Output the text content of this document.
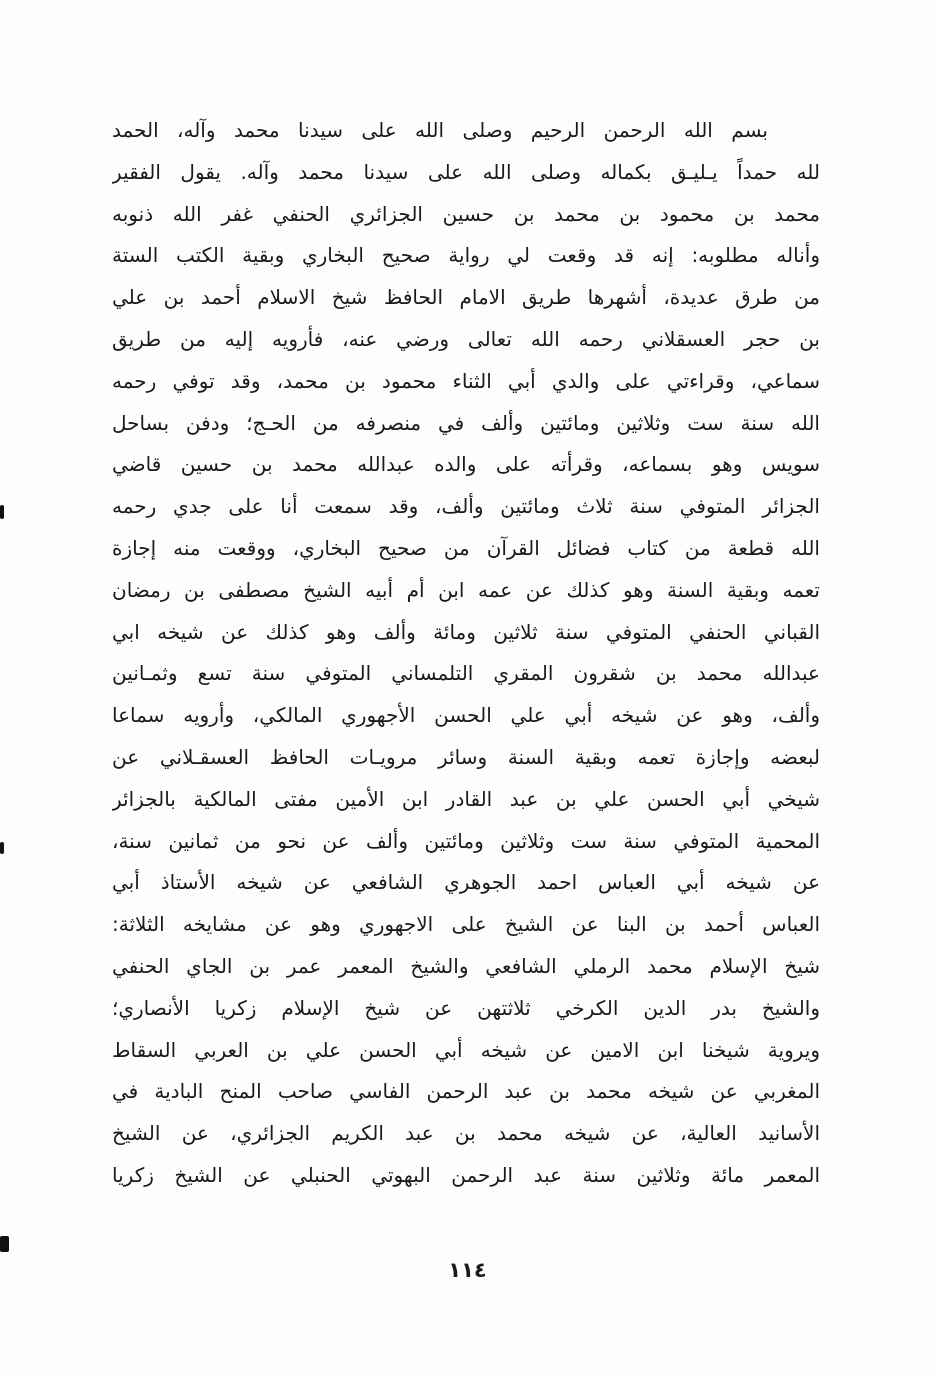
بسم الله الرحمن الرحيم وصلى الله على سيدنا محمد وآله، الحمد
لله حمداً يـليـق بكماله وصلى الله على سيدنا محمد وآله. يقول الفقير
محمد بن محمود بن محمد بن حسين الجزائري الحنفي غفر الله ذنوبه
وأناله مطلوبه: إنه قد وقعت لي رواية صحيح البخاري وبقية الكتب الستة
من طرق عديدة، أشهرها طريق الامام الحافظ شيخ الاسلام أحمد بن علي
بن حجر العسقلاني رحمه الله تعالى ورضي عنه، فأرويه إليه من طريق
سماعي، وقراءتي على والدي أبي الثناء محمود بن محمد، وقد توفي رحمه
الله سنة ست وثلاثين ومائتين وألف في منصرفه من الحـج؛ ودفن بساحل
سويس وهو بسماعه، وقرأته على والده عبدالله محمد بن حسين قاضي
الجزائر المتوفي سنة ثلاث ومائتين وألف، وقد سمعت أنا على جدي رحمه
الله قطعة من كتاب فضائل القرآن من صحيح البخاري، ووقعت منه إجازة
تعمه وبقية السنة وهو كذلك عن عمه ابن أم أبيه الشيخ مصطفى بن رمضان
القباني الحنفي المتوفي سنة ثلاثين ومائة وألف وهو كذلك عن شيخه ابي
عبدالله محمد بن شقرون المقري التلمساني المتوفي سنة تسع وثمـانين
وألف، وهو عن شيخه أبي علي الحسن الأجهوري المالكي، وأرويه سماعا
لبعضه وإجازة تعمه وبقية السنة وسائر مرويـات الحافظ العسقـلاني عن
شيخي أبي الحسن علي بن عبد القادر ابن الأمين مفتى المالكية بالجزائر
المحمية المتوفي سنة ست وثلاثين ومائتين وألف عن نحو من ثمانين سنة،
عن شيخه أبي العباس احمد الجوهري الشافعي عن شيخه الأستاذ أبي
العباس أحمد بن البنا عن الشيخ على الاجهوري وهو عن مشايخه الثلاثة:
شيخ الإسلام محمد الرملي الشافعي والشيخ المعمر عمر بن الجاي الحنفي
والشيخ بدر الدين الكرخي ثلاثتهن عن شيخ الإسلام زكريا الأنصاري؛
ويروية شيخنا ابن الامين عن شيخه أبي الحسن علي بن العربي السقاط
المغربي عن شيخه محمد بن عبد الرحمن الفاسي صاحب المنح البادية في
الأسانيد العالية، عن شيخه محمد بن عبد الكريم الجزائري، عن الشيخ
المعمر مائة وثلاثين سنة عبد الرحمن البهوتي الحنبلي عن الشيخ زكريا
١١٤
